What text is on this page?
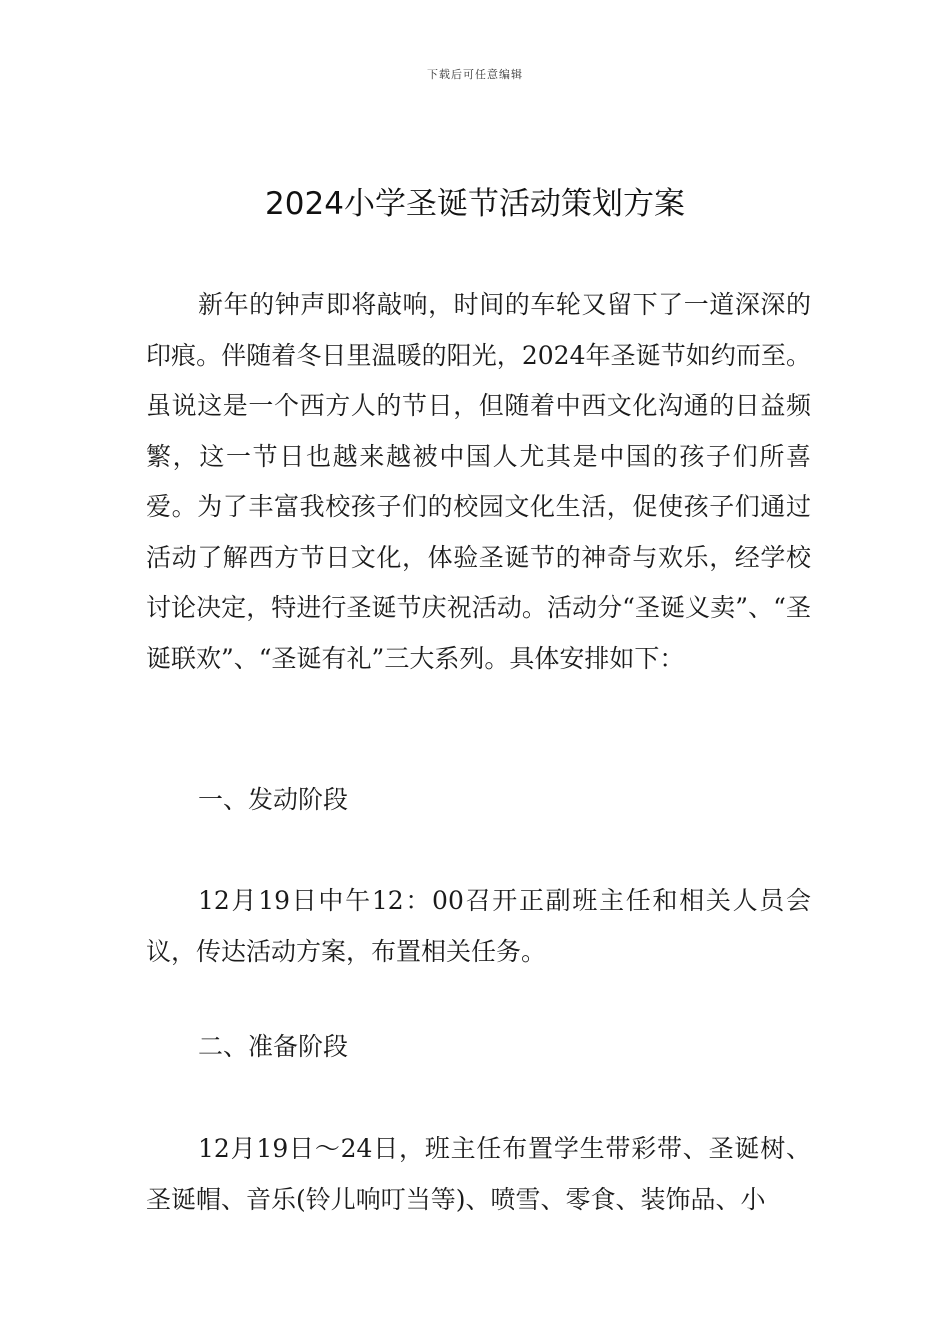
下载后可任意编辑
2024小学圣诞节活动策划方案

新年的钟声即将敲响，时间的车轮又留下了一道深深的印痕。伴随着冬日里温暖的阳光，2024年圣诞节如约而至。虽说这是一个西方人的节日，但随着中西文化沟通的日益频繁，这一节日也越来越被中国人尤其是中国的孩子们所喜爱。为了丰富我校孩子们的校园文化生活，促使孩子们通过活动了解西方节日文化，体验圣诞节的神奇与欢乐，经学校讨论决定，特进行圣诞节庆祝活动。活动分“圣诞义卖”、“圣诞联欢”、“圣诞有礼”三大系列。具体安排如下：

一、发动阶段

12月19日中午12：00召开正副班主任和相关人员会议，传达活动方案，布置相关任务。

二、准备阶段

12月19日～24日，班主任布置学生带彩带、圣诞树、圣诞帽、音乐(铃儿响叮当等)、喷雪、零食、装饰品、小
